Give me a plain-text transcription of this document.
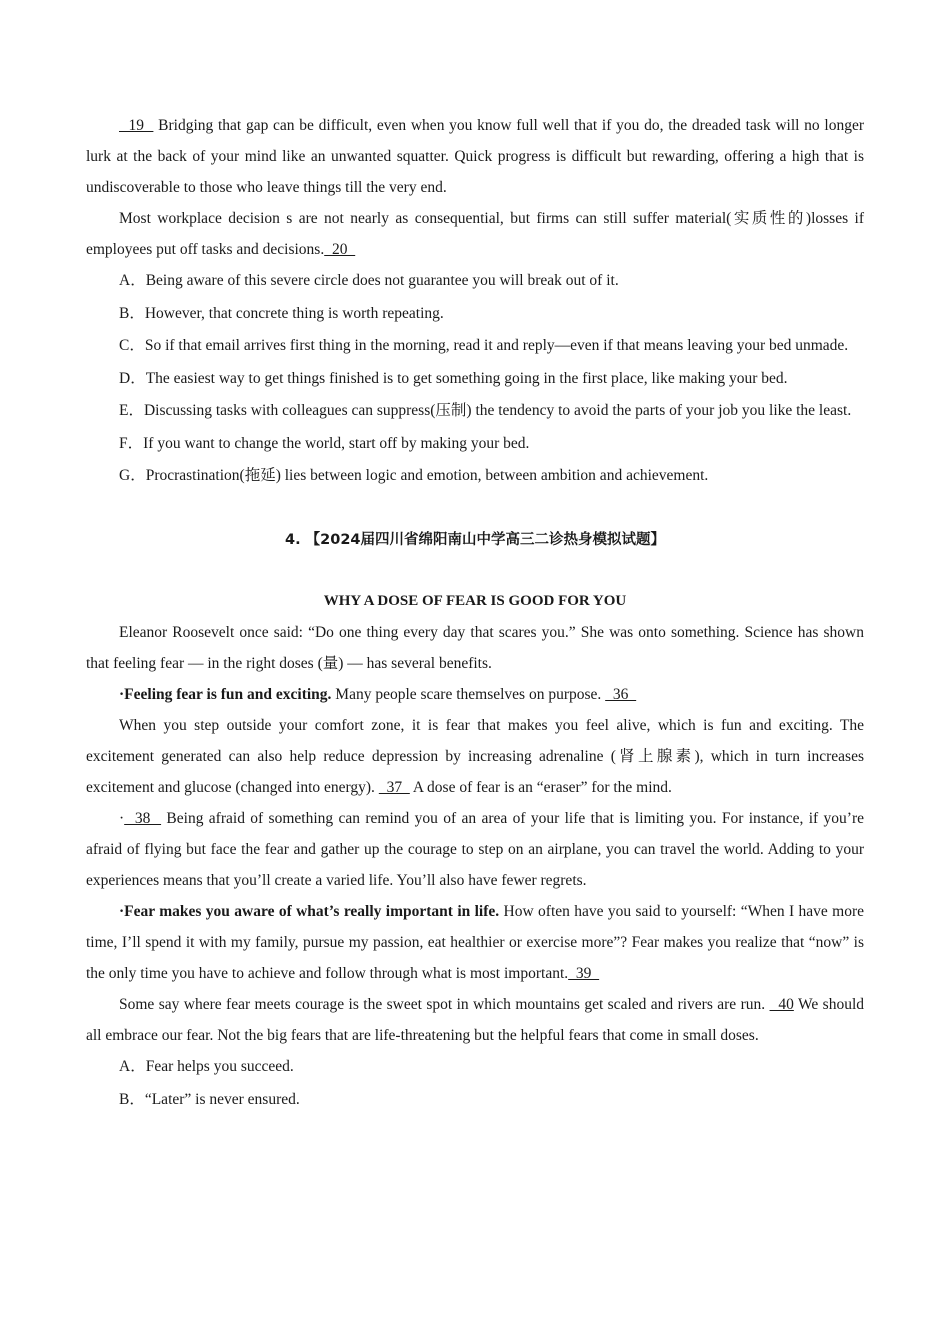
19   Bridging that gap can be difficult, even when you know full well that if you do, the dreaded task will no longer lurk at the back of your mind like an unwanted squatter. Quick progress is difficult but rewarding, offering a high that is undiscoverable to those who leave things till the very end.

Most workplace decision s are not nearly as consequential, but firms can still suffer material(实质性的)losses if employees put off tasks and decisions.  20

A．Being aware of this severe circle does not guarantee you will break out of it.

B．However, that concrete thing is worth repeating.

C．So if that email arrives first thing in the morning, read it and reply—even if that means leaving your bed unmade.

D．The easiest way to get things finished is to get something going in the first place, like making your bed.

E．Discussing tasks with colleagues can suppress(压制) the tendency to avoid the parts of your job you like the least.

F．If you want to change the world, start off by making your bed.

G．Procrastination(拖延) lies between logic and emotion, between ambition and achievement.

4. 【2024届四川省绵阳南山中学高三二诊热身模拟试题】

WHY A DOSE OF FEAR IS GOOD FOR YOU

Eleanor Roosevelt once said: “Do one thing every day that scares you.” She was onto something. Science has shown that feeling fear — in the right doses (量) — has several benefits.

·Feeling fear is fun and exciting. Many people scare themselves on purpose.   36

When you step outside your comfort zone, it is fear that makes you feel alive, which is fun and exciting. The excitement generated can also help reduce depression by increasing adrenaline (肾上腺素), which in turn increases excitement and glucose (changed into energy).   37   A dose of fear is an “eraser” for the mind.

·  38   Being afraid of something can remind you of an area of your life that is limiting you. For instance, if you’re afraid of flying but face the fear and gather up the courage to step on an airplane, you can travel the world. Adding to your experiences means that you’ll create a varied life. You’ll also have fewer regrets.

·Fear makes you aware of what’s really important in life. How often have you said to yourself: “When I have more time, I’ll spend it with my family, pursue my passion, eat healthier or exercise more”? Fear makes you realize that “now” is the only time you have to achieve and follow through what is most important.  39

Some say where fear meets courage is the sweet spot in which mountains get scaled and rivers are run.   40 We should all embrace our fear. Not the big fears that are life-threatening but the helpful fears that come in small doses.

A．Fear helps you succeed.

B．“Later” is never ensured.
